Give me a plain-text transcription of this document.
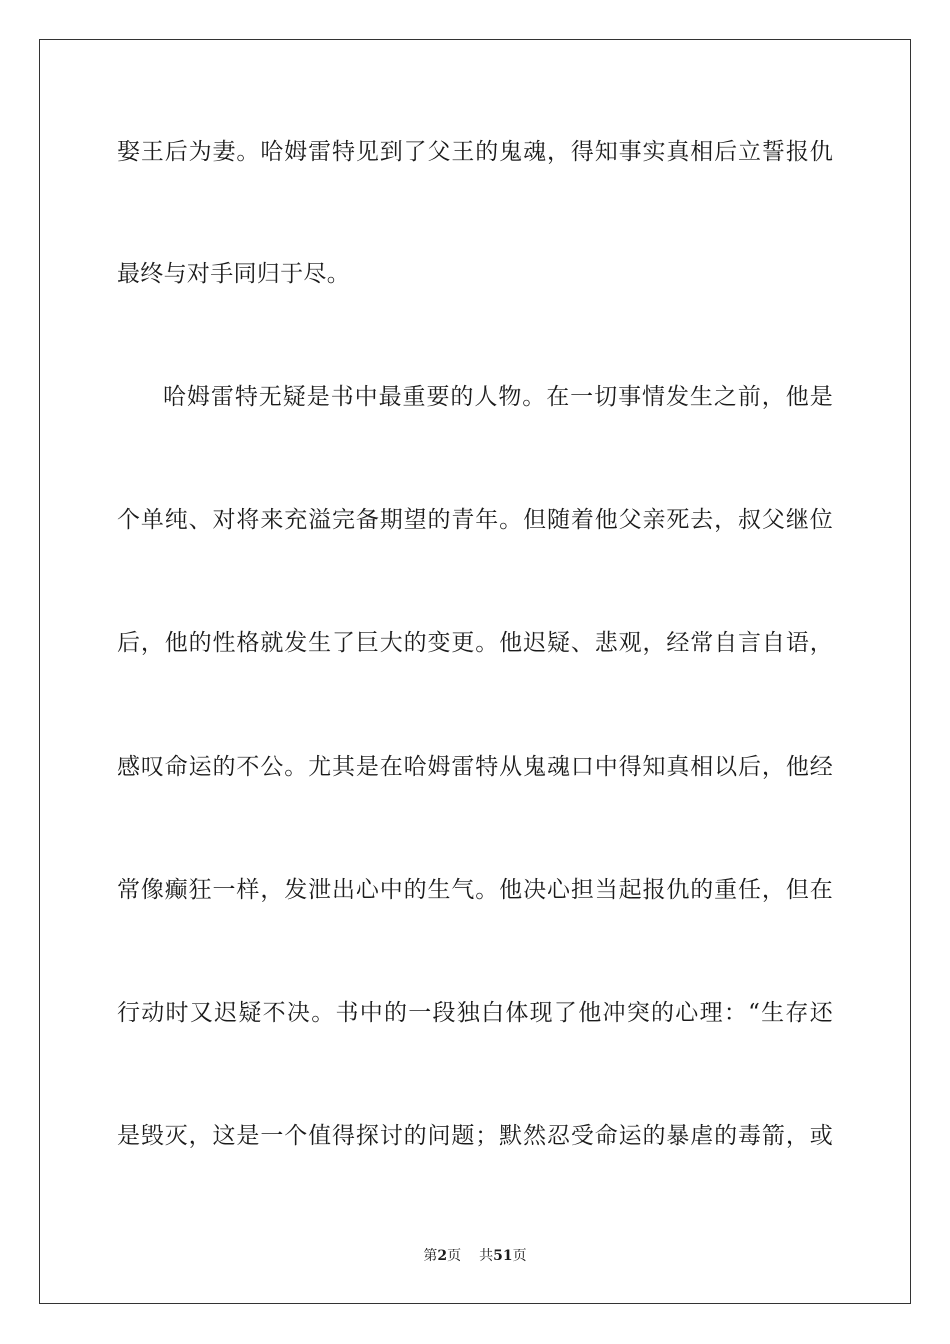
娶王后为妻。哈姆雷特见到了父王的鬼魂，得知事实真相后立誓报仇
最终与对手同归于尽。
哈姆雷特无疑是书中最重要的人物。在一切事情发生之前，他是
个单纯、对将来充溢完备期望的青年。但随着他父亲死去，叔父继位
后，他的性格就发生了巨大的变更。他迟疑、悲观，经常自言自语，
感叹命运的不公。尤其是在哈姆雷特从鬼魂口中得知真相以后，他经
常像癫狂一样，发泄出心中的生气。他决心担当起报仇的重任，但在
行动时又迟疑不决。书中的一段独白体现了他冲突的心理：“生存还
是毁灭，这是一个值得探讨的问题；默然忍受命运的暴虐的毒箭，或
第2页 共51页
